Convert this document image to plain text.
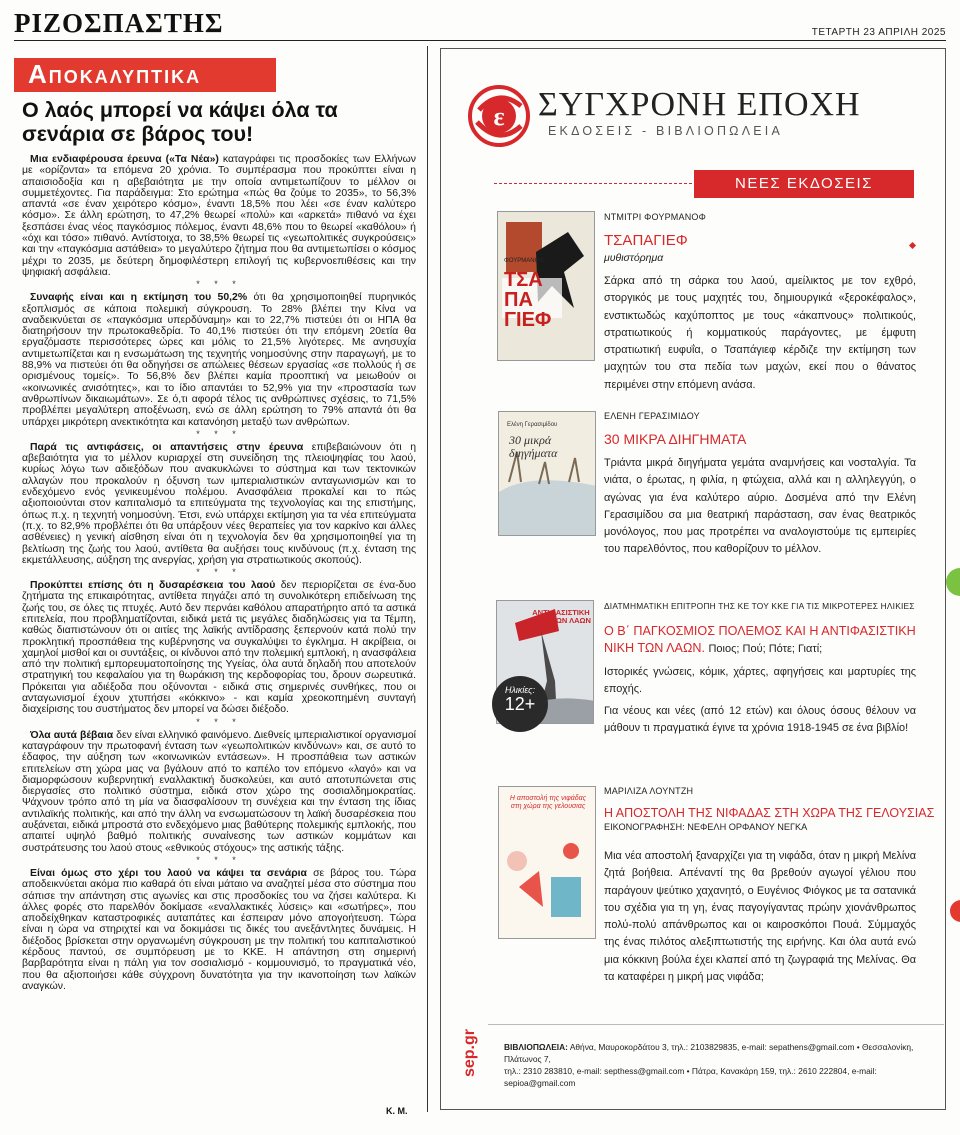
ΡΙΖΟΣΠΑΣΤΗΣ	ΤΕΤΑΡΤΗ 23 ΑΠΡΙΛΗ 2025
Αποκαλυπτικα
Ο λαός μπορεί να κάψει όλα τα σενάρια σε βάρος του!

Μια ενδιαφέρουσα έρευνα («Τα Νέα») καταγράφει τις προσδοκίες των Ελλήνων με «ορίζοντα» τα επόμενα 20 χρόνια. Το συμπέρασμα που προκύπτει είναι η απαισιοδοξία και η αβεβαιότητα με την οποία αντιμετωπίζουν το μέλλον οι συμμετέχοντες. Για παράδειγμα: Στο ερώτημα «πώς θα ζούμε το 2035», το 56,3% απαντά «σε έναν χειρότερο κόσμο», έναντι 18,5% που λέει «σε έναν καλύτερο κόσμο». Σε άλλη ερώτηση, το 47,2% θεωρεί «πολύ» και «αρκετά» πιθανό να έχει ξεσπάσει ένας νέος παγκόσμιος πόλεμος, έναντι 48,6% που το θεωρεί «καθόλου» ή «όχι και τόσο» πιθανό. Αντίστοιχα, το 38,5% θεωρεί τις «γεωπολιτικές συγκρούσεις» και την «παγκόσμια αστάθεια» το μεγαλύτερο ζήτημα που θα αντιμετωπίσει ο κόσμος μέχρι το 2035, με δεύτερη δημοφιλέστερη επιλογή τις κυβερνοεπιθέσεις και την ψηφιακή ασφάλεια.

* * *

Συναφής είναι και η εκτίμηση του 50,2% ότι θα χρησιμοποιηθεί πυρηνικός εξοπλισμός σε κάποια πολεμική σύγκρουση. Το 28% βλέπει την Κίνα να αναδεικνύεται σε «παγκόσμια υπερδύναμη» και το 22,7% πιστεύει ότι οι ΗΠΑ θα διατηρήσουν την πρωτοκαθεδρία. Το 40,1% πιστεύει ότι την επόμενη 20ετία θα εργαζόμαστε περισσότερες ώρες και μόλις το 21,5% λιγότερες. Με ανησυχία αντιμετωπίζεται και η ενσωμάτωση της τεχνητής νοημοσύνης στην παραγωγή, με το 88,9% να πιστεύει ότι θα οδηγήσει σε απώλειες θέσεων εργασίας «σε πολλούς ή σε ορισμένους τομείς». Το 56,8% δεν βλέπει καμία προοπτική να μειωθούν οι «κοινωνικές ανισότητες», και το ίδιο απαντάει το 52,9% για την «προστασία των ανθρωπίνων δικαιωμάτων». Σε ό,τι αφορά τέλος τις ανθρώπινες σχέσεις, το 71,5% προβλέπει μεγαλύτερη αποξένωση, ενώ σε άλλη ερώτηση το 79% απαντά ότι θα υπάρχει μικρότερη ανεκτικότητα και κατανόηση μεταξύ των ανθρώπων.

* * *

Παρά τις αντιφάσεις, οι απαντήσεις στην έρευνα επιβεβαιώνουν ότι η αβεβαιότητα για το μέλλον κυριαρχεί στη συνείδηση της πλειοψηφίας του λαού, κυρίως λόγω των αδιεξόδων που ανακυκλώνει το σύστημα και των τεκτονικών αλλαγών που προκαλούν η όξυνση των ιμπεριαλιστικών ανταγωνισμών και το ενδεχόμενο ενός γενικευμένου πολέμου. Ανασφάλεια προκαλεί και το πώς αξιοποιούνται στον καπιταλισμό τα επιτεύγματα της τεχνολογίας και της επιστήμης, όπως π.χ. η τεχνητή νοημοσύνη. Έτσι, ενώ υπάρχει εκτίμηση για τα νέα επιτεύγματα (π.χ. το 82,9% προβλέπει ότι θα υπάρξουν νέες θεραπείες για τον καρκίνο και άλλες ασθένειες) η γενική αίσθηση είναι ότι η τεχνολογία δεν θα χρησιμοποιηθεί για τη βελτίωση της ζωής του λαού, αντίθετα θα αυξήσει τους κινδύνους (π.χ. ένταση της εκμετάλλευσης, αύξηση της ανεργίας, χρήση για στρατιωτικούς σκοπούς).

* * *

Προκύπτει επίσης ότι η δυσαρέσκεια του λαού δεν περιορίζεται σε ένα-δυο ζητήματα της επικαιρότητας, αντίθετα πηγάζει από τη συνολικότερη επιδείνωση της ζωής του, σε όλες τις πτυχές. Αυτό δεν περνάει καθόλου απαρατήρητο από τα αστικά επιτελεία, που προβληματίζονται, ειδικά μετά τις μεγάλες διαδηλώσεις για τα Τέμπη, καθώς διαπιστώνουν ότι οι αιτίες της λαϊκής αντίδρασης ξεπερνούν κατά πολύ την προκλητική προσπάθεια της κυβέρνησης να συγκαλύψει το έγκλημα. Η ακρίβεια, οι χαμηλοί μισθοί και οι συντάξεις, οι κίνδυνοι από την πολεμική εμπλοκή, η ανασφάλεια από την πολιτική εμπορευματοποίησης της Υγείας, όλα αυτά δηλαδή που αποτελούν στρατηγική του κεφαλαίου για τη θωράκιση της κερδοφορίας του, δρουν σωρευτικά. Πρόκειται για αδιέξοδα που οξύνονται - ειδικά στις σημερινές συνθήκες, που οι ανταγωνισμοί έχουν χτυπήσει «κόκκινο» - και καμία χρεοκοπημένη συνταγή διαχείρισης του συστήματος δεν μπορεί να δώσει διέξοδο.

* * *

Όλα αυτά βέβαια δεν είναι ελληνικό φαινόμενο. Διεθνείς ιμπεριαλιστικοί οργανισμοί καταγράφουν την πρωτοφανή ένταση των «γεωπολιτικών κινδύνων» και, σε αυτό το έδαφος, την αύξηση των «κοινωνικών εντάσεων». Η προσπάθεια των αστικών επιτελείων στη χώρα μας να βγάλουν από το καπέλο τον επόμενο «λαγό» και να διαμορφώσουν κυβερνητική εναλλακτική δυσκολεύει, και αυτό αποτυπώνεται στις διεργασίες στο πολιτικό σύστημα, ειδικά στον χώρο της σοσιαλδημοκρατίας. Ψάχνουν τρόπο από τη μία να διασφαλίσουν τη συνέχεια και την ένταση της ίδιας αντιλαϊκής πολιτικής, και από την άλλη να ενσωματώσουν τη λαϊκή δυσαρέσκεια που αυξάνεται, ειδικά μπροστά στο ενδεχόμενο μιας βαθύτερης πολεμικής εμπλοκής, που απαιτεί υψηλό βαθμό πολιτικής συναίνεσης των αστικών κομμάτων και συστράτευσης του λαού στους «εθνικούς στόχους» της αστικής τάξης.

* * *

Είναι όμως στο χέρι του λαού να κάψει τα σενάρια σε βάρος του. Τώρα αποδεικνύεται ακόμα πιο καθαρά ότι είναι μάταιο να αναζητεί μέσα στο σύστημα που σάπισε την απάντηση στις αγωνίες και στις προσδοκίες του να ζήσει καλύτερα. Κι άλλες φορές στο παρελθόν δοκίμασε «εναλλακτικές λύσεις» και «σωτήρες», που αποδείχθηκαν καταστροφικές αυταπάτες και έσπειραν μόνο απογοήτευση. Τώρα είναι η ώρα να στηριχτεί και να δοκιμάσει τις δικές του ανεξάντλητες δυνάμεις. Η διέξοδος βρίσκεται στην οργανωμένη σύγκρουση με την πολιτική του καπιταλιστικού κέρδους παντού, σε συμπόρευση με το ΚΚΕ. Η απάντηση στη σημερινή βαρβαρότητα είναι η πάλη για τον σοσιαλισμό - κομμουνισμό, το πραγματικά νέο, που θα αξιοποιήσει κάθε σύγχρονη δυνατότητα για την ικανοποίηση των λαϊκών αναγκών.

Κ. Μ.
ε ΣΥΓΧΡΟΝΗ ΕΠΟΧΗ
ΕΚΔΟΣΕΙΣ - ΒΙΒΛΙΟΠΩΛΕΙΑ
ΝΕΕΣ ΕΚΔΟΣΕΙΣ
ΤΣΑ ΠΑ ΓΙΕΦ
ΦΟΥΡΜΑΝΟΦ
ΝΤΜΙΤΡΙ ΦΟΥΡΜΑΝΟΦ
ΤΣΑΠΑΓΙΕΦ
μυθιστόρημα
Σάρκα από τη σάρκα του λαού, αμείλικτος με τον εχθρό, στοργικός με τους μαχητές του, δημιουργικά «ξεροκέφαλος», ενστικτωδώς καχύποπτος με τους «άκαπνους» πολιτικούς, στρατιωτικούς ή κομματικούς παράγοντες, με έμφυτη στρατιωτική ευφυΐα, ο Τσαπάγιεφ κέρδιζε την εκτίμηση των μαχητών του στα πεδία των μαχών, εκεί που ο θάνατος περιμένει στην επόμενη ανάσα.
Ελένη Γερασιμίδου
30 μικρά διηγήματα
ΕΛΕΝΗ ΓΕΡΑΣΙΜΙΔΟΥ
30 ΜΙΚΡΑ ΔΙΗΓΗΜΑΤΑ
Τριάντα μικρά διηγήματα γεμάτα αναμνήσεις και νοσταλγία. Τα νιάτα, ο έρωτας, η φιλία, η φτώχεια, αλλά και η αλληλεγγύη, ο αγώνας για ένα καλύτερο αύριο. Δοσμένα από την Ελένη Γερασιμίδου σα μια θεατρική παράσταση, σαν ένας θεατρικός μονόλογος, που μας προτρέπει να αναλογιστούμε τις εμπειρίες του παρελθόντος, που καθορίζουν το μέλλον.
ΑΝΤΙΦΑΣΙΣΤΙΚΗ ΝΙΚΗ ΤΩΝ ΛΑΩΝ
Ηλικίες:
12+
ΔΙΑΤΜΗΜΑΤΙΚΗ ΕΠΙΤΡΟΠΗ ΤΗΣ ΚΕ ΤΟΥ ΚΚΕ ΓΙΑ ΤΙΣ ΜΙΚΡΟΤΕΡΕΣ ΗΛΙΚΙΕΣ
Ο Β΄ ΠΑΓΚΟΣΜΙΟΣ ΠΟΛΕΜΟΣ ΚΑΙ Η ΑΝΤΙΦΑΣΙΣΤΙΚΗ ΝΙΚΗ ΤΩΝ ΛΑΩΝ. Ποιος; Πού; Πότε; Γιατί;
Ιστορικές γνώσεις, κόμικ, χάρτες, αφηγήσεις και μαρτυρίες της εποχής.
Για νέους και νέες (από 12 ετών) και όλους όσους θέλουν να μάθουν τι πραγματικά έγινε τα χρόνια 1918-1945 σε ένα βιβλίο!
Η αποστολή της νιφάδας στη χώρα της γελουσιας
ΜΑΡΙΛΙΖΑ ΛΟΥΝΤΖΗ
Η ΑΠΟΣΤΟΛΗ ΤΗΣ ΝΙΦΑΔΑΣ ΣΤΗ ΧΩΡΑ ΤΗΣ ΓΕΛΟΥΣΙΑΣ
ΕΙΚΟΝΟΓΡΑΦΗΣΗ: ΝΕΦΕΛΗ ΟΡΦΑΝΟΥ ΝΕΓΚΑ
Μια νέα αποστολή ξαναρχίζει για τη νιφάδα, όταν η μικρή Μελίνα ζητά βοήθεια. Απέναντί της θα βρεθούν αγωγοί γέλιου που παράγουν ψεύτικο χαχανητό, ο Ευγένιος Φιόγκος με τα σατανικά του σχέδια για τη γη, ένας παγογίγαντας πρώην χιονάνθρωπος πολύ-πολύ απάνθρωπος και οι καιροσκόποι Πουά. Σύμμαχός της ένας πιλότος αλεξιπτωτιστής της ειρήνης. Και όλα αυτά ενώ μια κόκκινη βούλα έχει κλαπεί από τη ζωγραφιά της Μελίνας. Θα τα καταφέρει η μικρή μας νιφάδα;
sep.gr	ΒΙΒΛΙΟΠΩΛΕΙΑ: Αθήνα, Μαυροκορδάτου 3, τηλ.: 2103829835, e-mail: sepathens@gmail.com • Θεσσαλονίκη, Πλάτωνος 7,
τηλ.: 2310 283810, e-mail: septhess@gmail.com • Πάτρα, Κανακάρη 159, τηλ.: 2610 222804, e-mail: sepioa@gmail.com
